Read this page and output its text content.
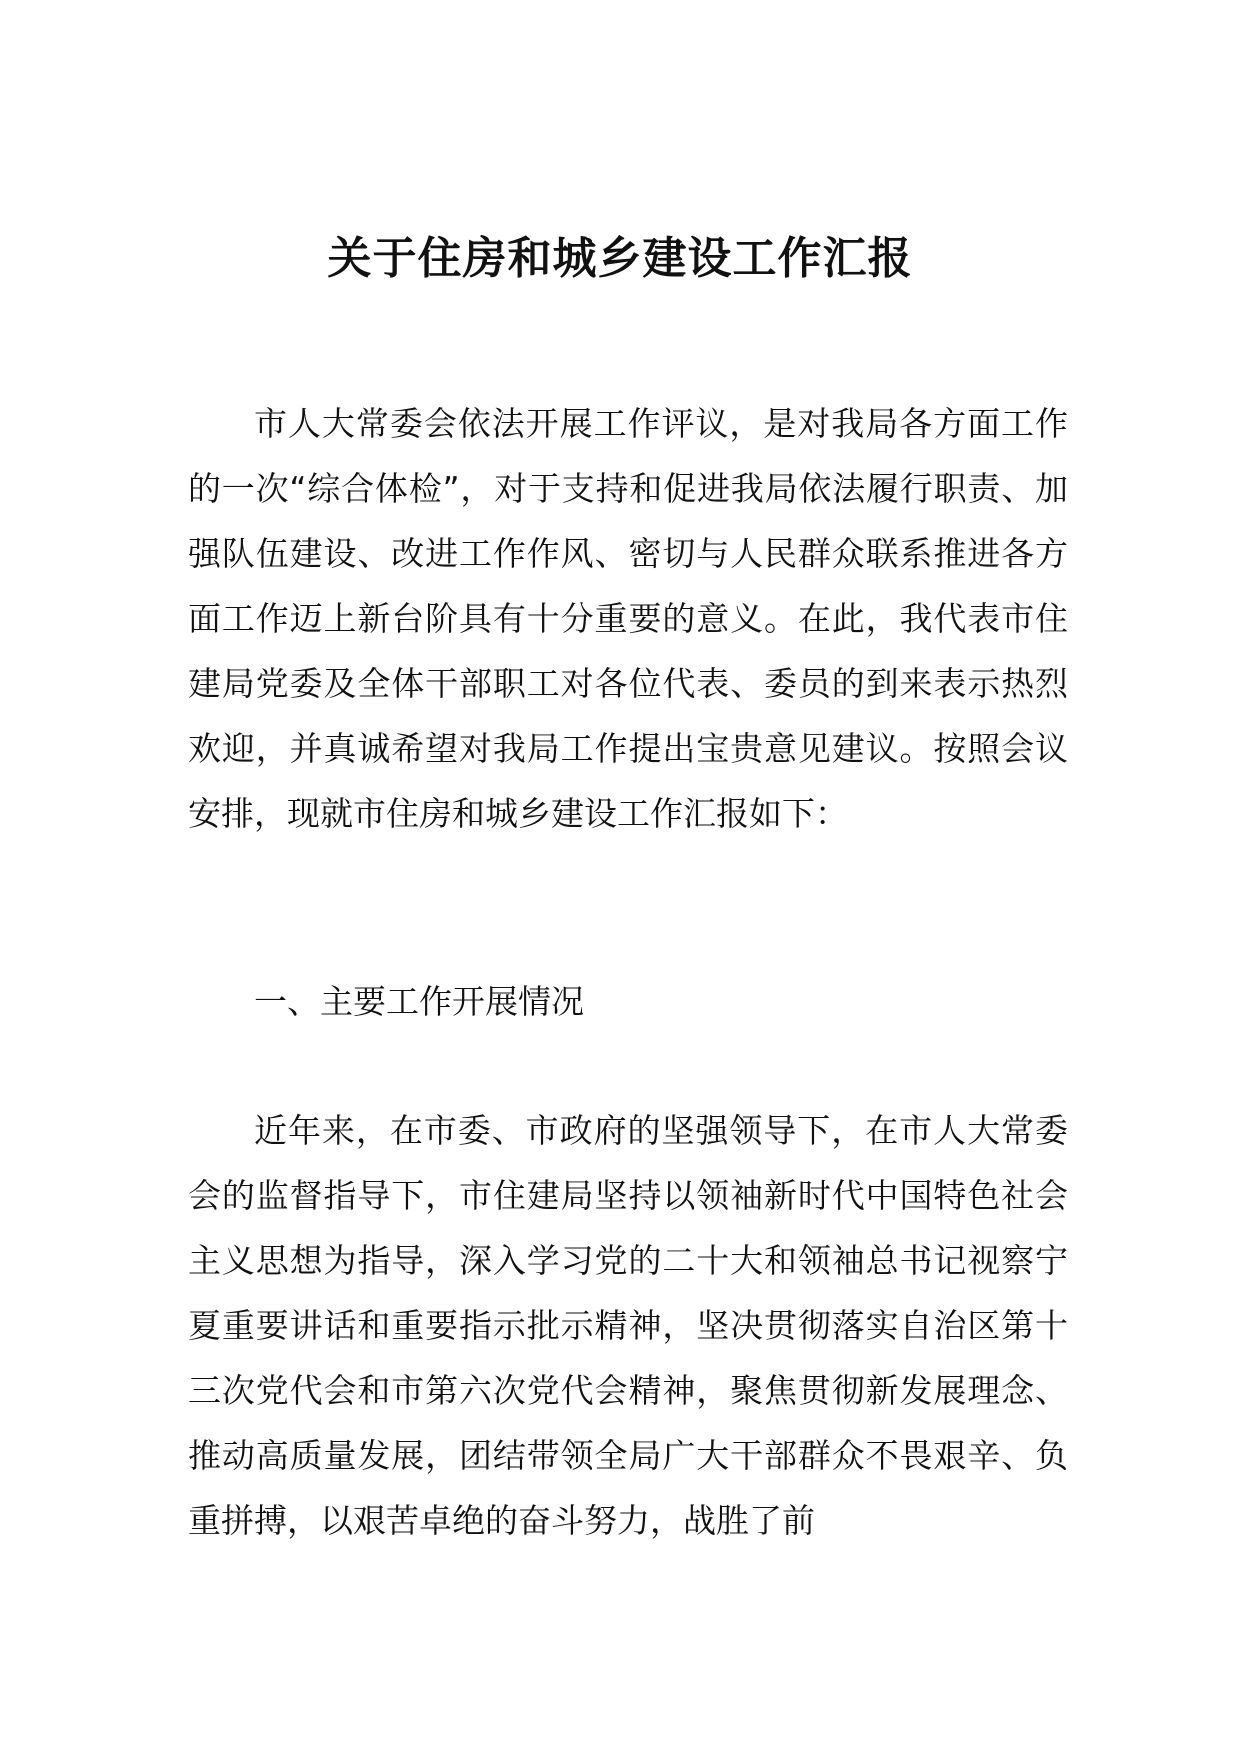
关于住房和城乡建设工作汇报

市人大常委会依法开展工作评议，是对我局各方面工作的一次“综合体检”，对于支持和促进我局依法履行职责、加强队伍建设、改进工作作风、密切与人民群众联系推进各方面工作迈上新台阶具有十分重要的意义。在此，我代表市住建局党委及全体干部职工对各位代表、委员的到来表示热烈欢迎，并真诚希望对我局工作提出宝贵意见建议。按照会议安排，现就市住房和城乡建设工作汇报如下：

一、主要工作开展情况

近年来，在市委、市政府的坚强领导下，在市人大常委会的监督指导下，市住建局坚持以领袖新时代中国特色社会主义思想为指导，深入学习党的二十大和领袖总书记视察宁夏重要讲话和重要指示批示精神，坚决贯彻落实自治区第十三次党代会和市第六次党代会精神，聚焦贯彻新发展理念、推动高质量发展，团结带领全局广大干部群众不畏艰辛、负重拼搏，以艰苦卓绝的奋斗努力，战胜了前
